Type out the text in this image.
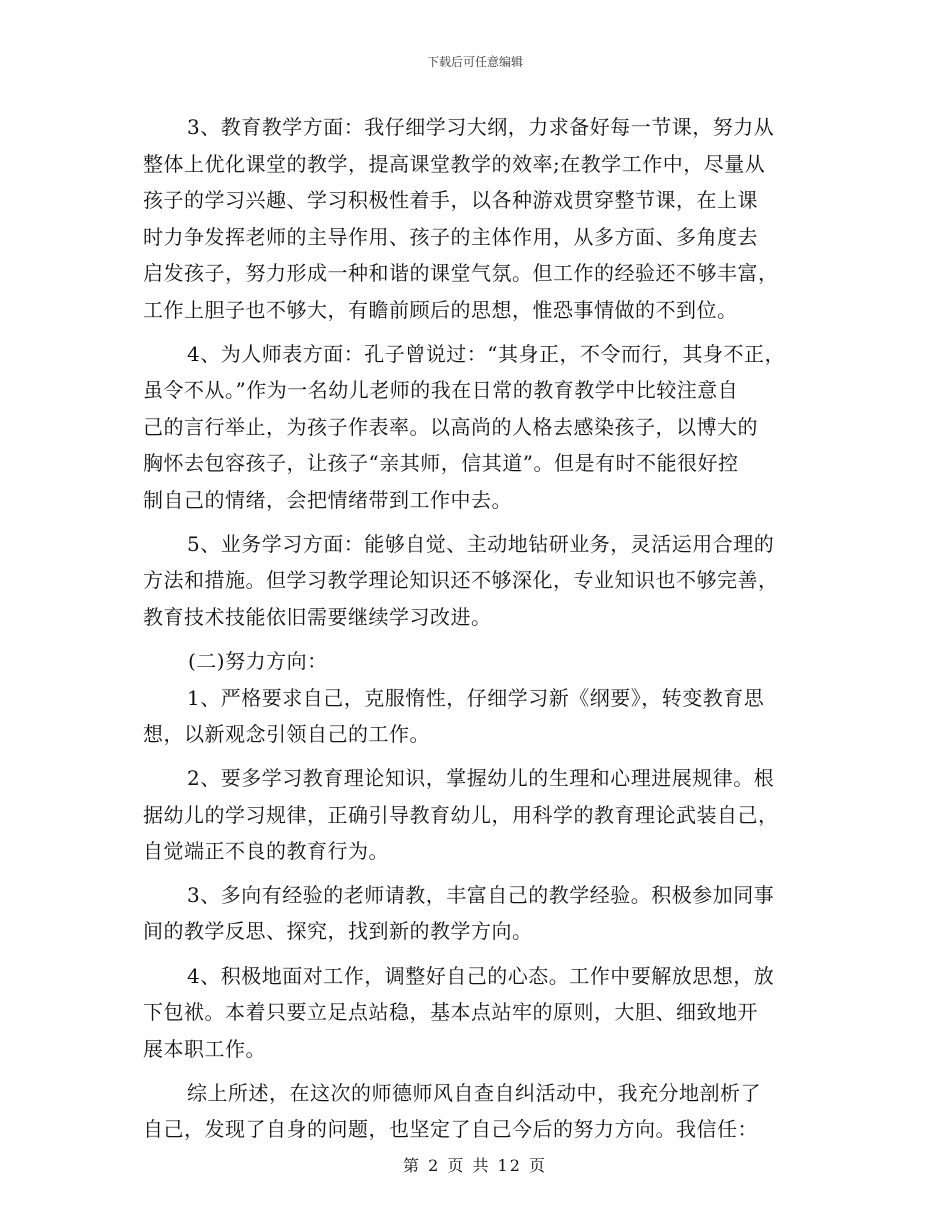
下载后可任意编辑
3、教育教学方面：我仔细学习大纲，力求备好每一节课，努力从
整体上优化课堂的教学，提高课堂教学的效率;在教学工作中，尽量从
孩子的学习兴趣、学习积极性着手，以各种游戏贯穿整节课，在上课
时力争发挥老师的主导作用、孩子的主体作用，从多方面、多角度去
启发孩子，努力形成一种和谐的课堂气氛。但工作的经验还不够丰富，
工作上胆子也不够大，有瞻前顾后的思想，惟恐事情做的不到位。
4、为人师表方面：孔子曾说过：“其身正，不令而行，其身不正，
虽令不从。”作为一名幼儿老师的我在日常的教育教学中比较注意自
己的言行举止，为孩子作表率。以高尚的人格去感染孩子，以博大的
胸怀去包容孩子，让孩子“亲其师，信其道”。但是有时不能很好控
制自己的情绪，会把情绪带到工作中去。
5、业务学习方面：能够自觉、主动地钻研业务，灵活运用合理的
方法和措施。但学习教学理论知识还不够深化，专业知识也不够完善，
教育技术技能依旧需要继续学习改进。
(二)努力方向：
1、严格要求自己，克服惰性，仔细学习新《纲要》，转变教育思
想，以新观念引领自己的工作。
2、要多学习教育理论知识，掌握幼儿的生理和心理进展规律。根
据幼儿的学习规律，正确引导教育幼儿，用科学的教育理论武装自己，
自觉端正不良的教育行为。
3、多向有经验的老师请教，丰富自己的教学经验。积极参加同事
间的教学反思、探究，找到新的教学方向。
4、积极地面对工作，调整好自己的心态。工作中要解放思想，放
下包袱。本着只要立足点站稳，基本点站牢的原则，大胆、细致地开
展本职工作。
综上所述，在这次的师德师风自查自纠活动中，我充分地剖析了
自己，发现了自身的问题，也坚定了自己今后的努力方向。我信任：
第 2 页 共 12 页
